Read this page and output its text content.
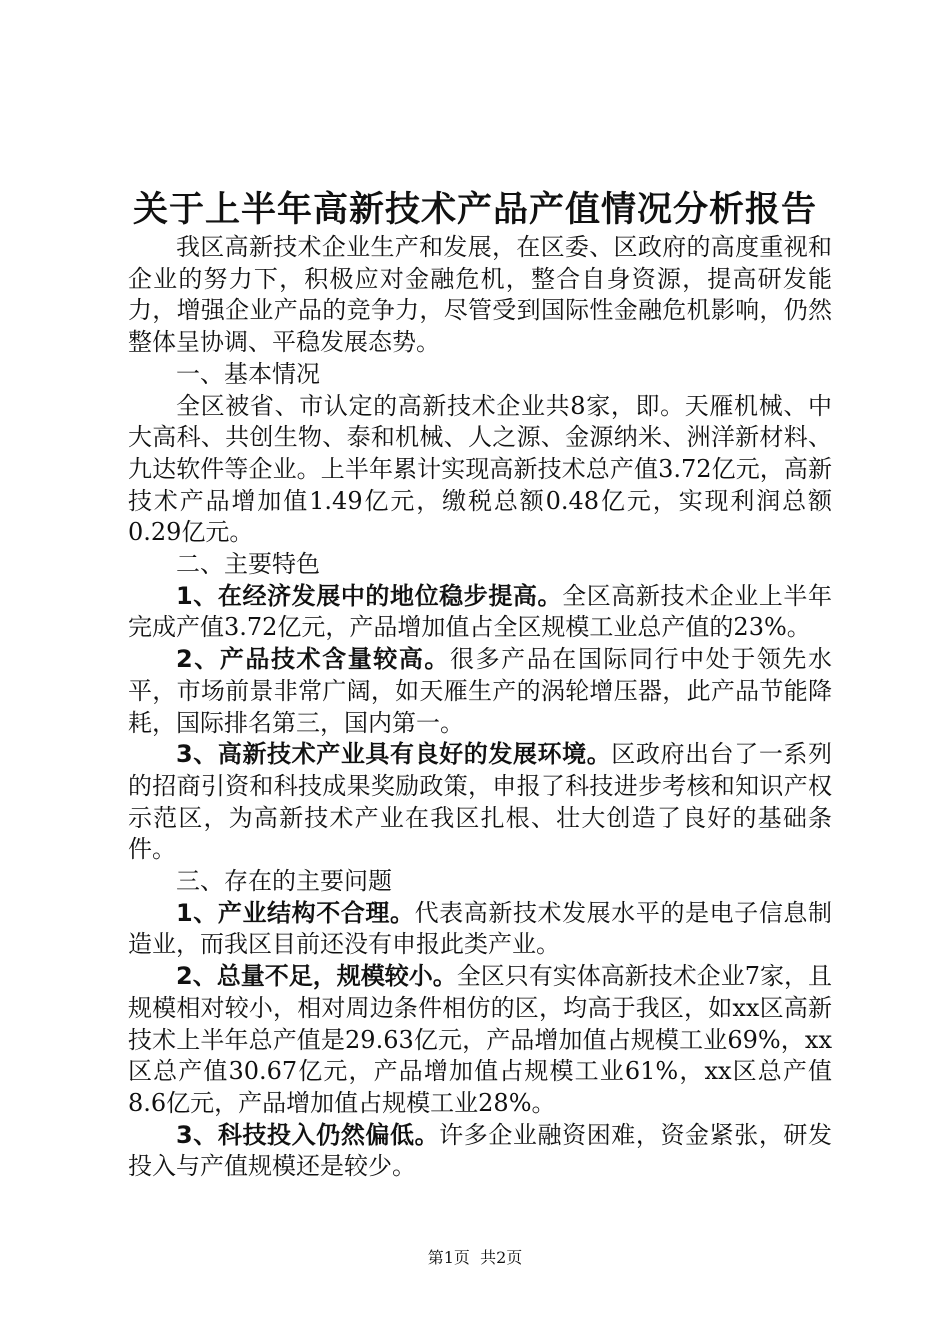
关于上半年高新技术产品产值情况分析报告

我区高新技术企业生产和发展，在区委、区政府的高度重视和企业的努力下，积极应对金融危机，整合自身资源，提高研发能力，增强企业产品的竞争力，尽管受到国际性金融危机影响，仍然整体呈协调、平稳发展态势。

一、基本情况

全区被省、市认定的高新技术企业共8家，即。天雁机械、中大高科、共创生物、泰和机械、人之源、金源纳米、洲洋新材料、九达软件等企业。上半年累计实现高新技术总产值3.72亿元，高新技术产品增加值1.49亿元，缴税总额0.48亿元，实现利润总额0.29亿元。

二、主要特色

1、在经济发展中的地位稳步提高。全区高新技术企业上半年完成产值3.72亿元，产品增加值占全区规模工业总产值的23%。

2、产品技术含量较高。很多产品在国际同行中处于领先水平，市场前景非常广阔，如天雁生产的涡轮增压器，此产品节能降耗，国际排名第三，国内第一。

3、高新技术产业具有良好的发展环境。区政府出台了一系列的招商引资和科技成果奖励政策，申报了科技进步考核和知识产权示范区，为高新技术产业在我区扎根、壮大创造了良好的基础条件。

三、存在的主要问题

1、产业结构不合理。代表高新技术发展水平的是电子信息制造业，而我区目前还没有申报此类产业。

2、总量不足，规模较小。全区只有实体高新技术企业7家，且规模相对较小，相对周边条件相仿的区，均高于我区，如xx区高新技术上半年总产值是29.63亿元，产品增加值占规模工业69%，xx区总产值30.67亿元，产品增加值占规模工业61%，xx区总产值8.6亿元，产品增加值占规模工业28%。

3、科技投入仍然偏低。许多企业融资困难，资金紧张，研发投入与产值规模还是较少。

第1页  共2页
